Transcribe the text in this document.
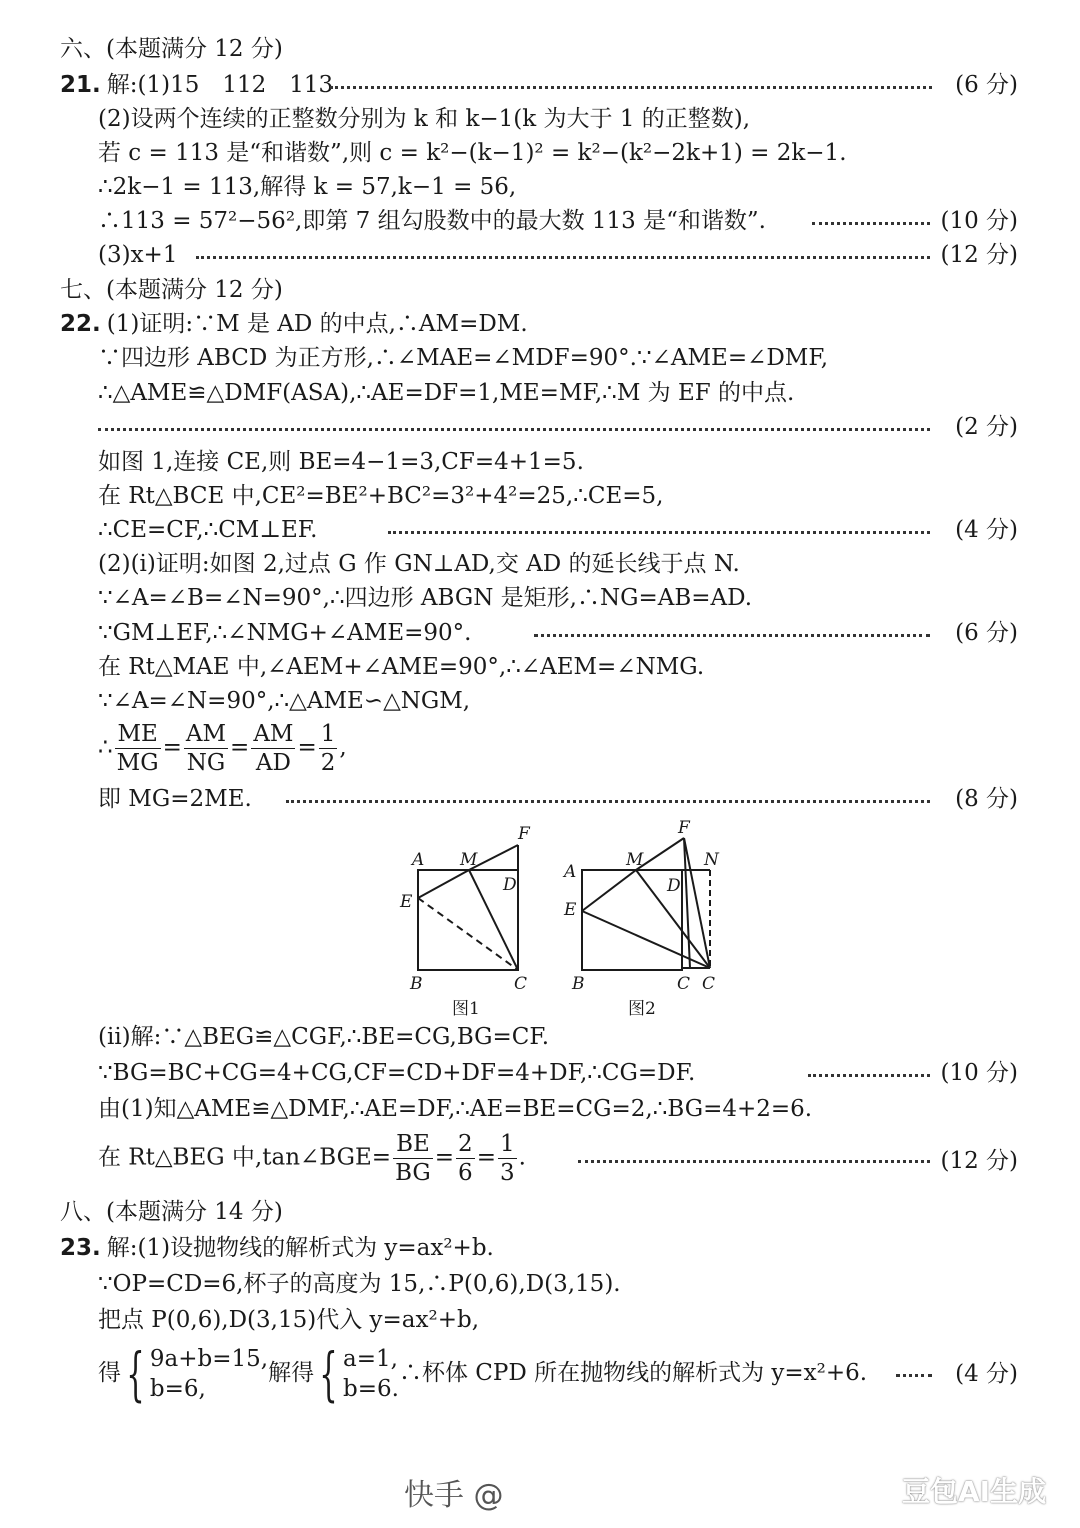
六、(本题满分 12 分)
21. 解:(1)15　112　113	(6 分)
(2)设两个连续的正整数分别为 k 和 k−1(k 为大于 1 的正整数),
若 c = 113 是“和谐数”,则 c = k²−(k−1)² = k²−(k²−2k+1) = 2k−1.
∴2k−1 = 113,解得 k = 57,k−1 = 56,
∴113 = 57²−56²,即第 7 组勾股数中的最大数 113 是“和谐数”.	(10 分)
(3)x+1	(12 分)
七、(本题满分 12 分)
22. (1)证明:∵M 是 AD 的中点,∴AM=DM.
∵四边形 ABCD 为正方形,∴∠MAE=∠MDF=90°.∵∠AME=∠DMF,
∴△AME≌△DMF(ASA),∴AE=DF=1,ME=MF,∴M 为 EF 的中点.
(2 分)
如图 1,连接 CE,则 BE=4−1=3,CF=4+1=5.
在 Rt△BCE 中,CE²=BE²+BC²=3²+4²=25,∴CE=5,
∴CE=CF,∴CM⊥EF.	(4 分)
(2)(ⅰ)证明:如图 2,过点 G 作 GN⊥AD,交 AD 的延长线于点 N.
∵∠A=∠B=∠N=90°,∴四边形 ABGN 是矩形,∴NG=AB=AD.
∵GM⊥EF,∴∠NMG+∠AME=90°.	(6 分)
在 Rt△MAE 中,∠AEM+∠AME=90°,∴∠AEM=∠NMG.
∵∠A=∠N=90°,∴△AME∽△NGM,
∴ $\frac{ME}{MG} = \frac{AM}{NG} = \frac{AM}{AD} = \frac{1}{2}$ ,
即 MG=2ME.	(8 分)
A M
F
E
D
B	C
图1
A
M
F
N
E
D
B	C C
图2
(ⅱ)解:∵△BEG≌△CGF,∴BE=CG,BG=CF.
∵BG=BC+CG=4+CG,CF=CD+DF=4+DF,∴CG=DF.	(10 分)
由(1)知△AME≌△DMF,∴AE=DF,∴AE=BE=CG=2,∴BG=4+2=6.
在 Rt△BEG 中,tan∠BGE= $\frac{BE}{BG} = \frac{2}{6} = \frac{1}{3}$ .	(12 分)
八、(本题满分 14 分)
23. 解:(1)设抛物线的解析式为 y=ax²+b.
∵OP=CD=6,杯子的高度为 15,∴P(0,6),D(3,15).
把点 P(0,6),D(3,15)代入 y=ax²+b,
得{ 9a+b=15,
b=6,
解得{ a=1,
b=6.
∴杯体 CPD 所在抛物线的解析式为 y=x²+6.	(4 分)
快手 @	豆包AI生成
